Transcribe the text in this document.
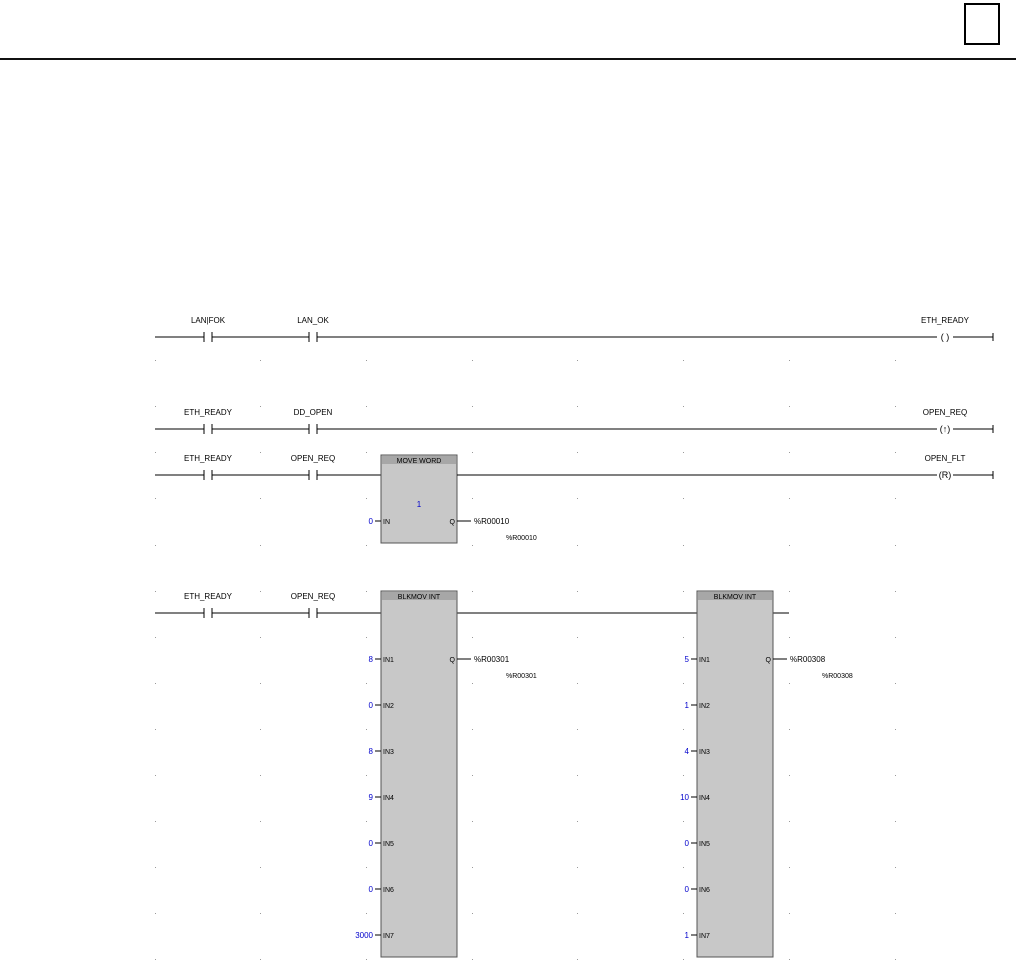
LAN|FOK	LAN_OK	ETH_READY
( )
ETH_READY	DD_OPEN	OPEN_REQ
(↑)
ETH_READY	OPEN_REQ	MOVE WORD
1
OPEN_FLT
(R)
0 IN	Q %R00010
%R00010
ETH_READY	OPEN_REQ	BLKMOV INT
8 IN1
0 IN2
8 IN3
9 IN4
0 IN5
0 IN6
3000 IN7
Q %R00301
%R00301
BLKMOV INT
5 IN1
1 IN2
4 IN3
10 IN4
0 IN5
0 IN6
1 IN7
Q %R00308
%R00308
